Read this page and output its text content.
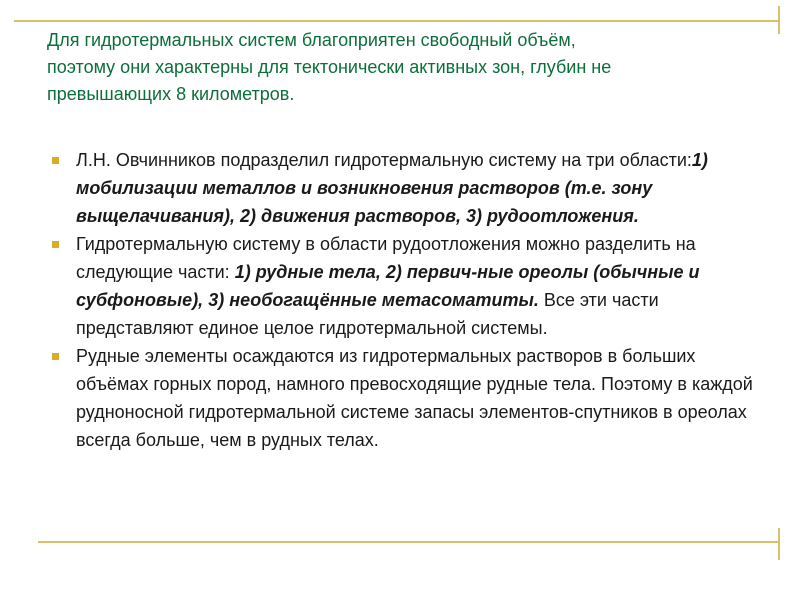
Для гидротермальных систем благоприятен свободный объём,
поэтому они характерны для тектонически активных зон, глубин не
превышающих 8 километров.
Л.Н. Овчинников подразделил гидротермальную систему на три области:1) мобилизации металлов и возникновения растворов (т.е. зону выщелачивания), 2) движения растворов, 3) рудоотложения.
Гидротермальную систему в области рудоотложения можно разделить на следующие части: 1) рудные тела, 2) первич-ные ореолы (обычные и субфоновые), 3) необогащённые метасоматиты. Все эти части представляют единое целое гидротермальной системы.
Рудные элементы осаждаются из гидротермальных растворов в больших объёмах горных пород, намного превосходящие рудные тела. Поэтому в каждой рудноносной гидротермальной системе запасы элементов-спутников в ореолах всегда больше, чем в рудных телах.
